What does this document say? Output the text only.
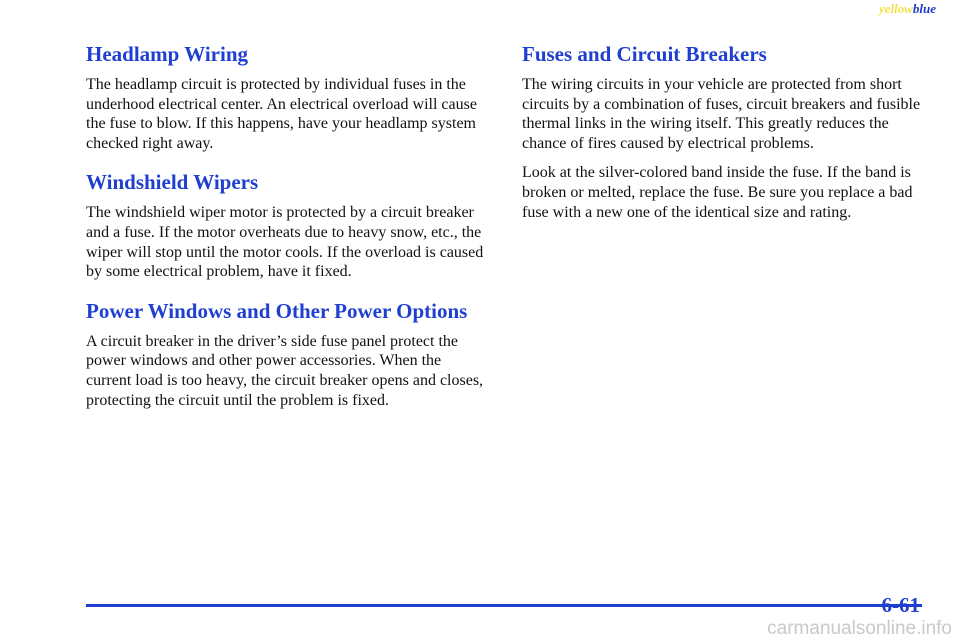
yellowblue
Headlamp Wiring

The headlamp circuit is protected by individual fuses in the underhood electrical center. An electrical overload will cause the fuse to blow. If this happens, have your headlamp system checked right away.

Windshield Wipers

The windshield wiper motor is protected by a circuit breaker and a fuse. If the motor overheats due to heavy snow, etc., the wiper will stop until the motor cools. If the overload is caused by some electrical problem, have it fixed.

Power Windows and Other Power Options

A circuit breaker in the driver’s side fuse panel protect the power windows and other power accessories. When the current load is too heavy, the circuit breaker opens and closes, protecting the circuit until the problem is fixed.

Fuses and Circuit Breakers

The wiring circuits in your vehicle are protected from short circuits by a combination of fuses, circuit breakers and fusible thermal links in the wiring itself. This greatly reduces the chance of fires caused by electrical problems.

Look at the silver-colored band inside the fuse. If the band is broken or melted, replace the fuse. Be sure you replace a bad fuse with a new one of the identical size and rating.

6-61
carmanualsonline.info
